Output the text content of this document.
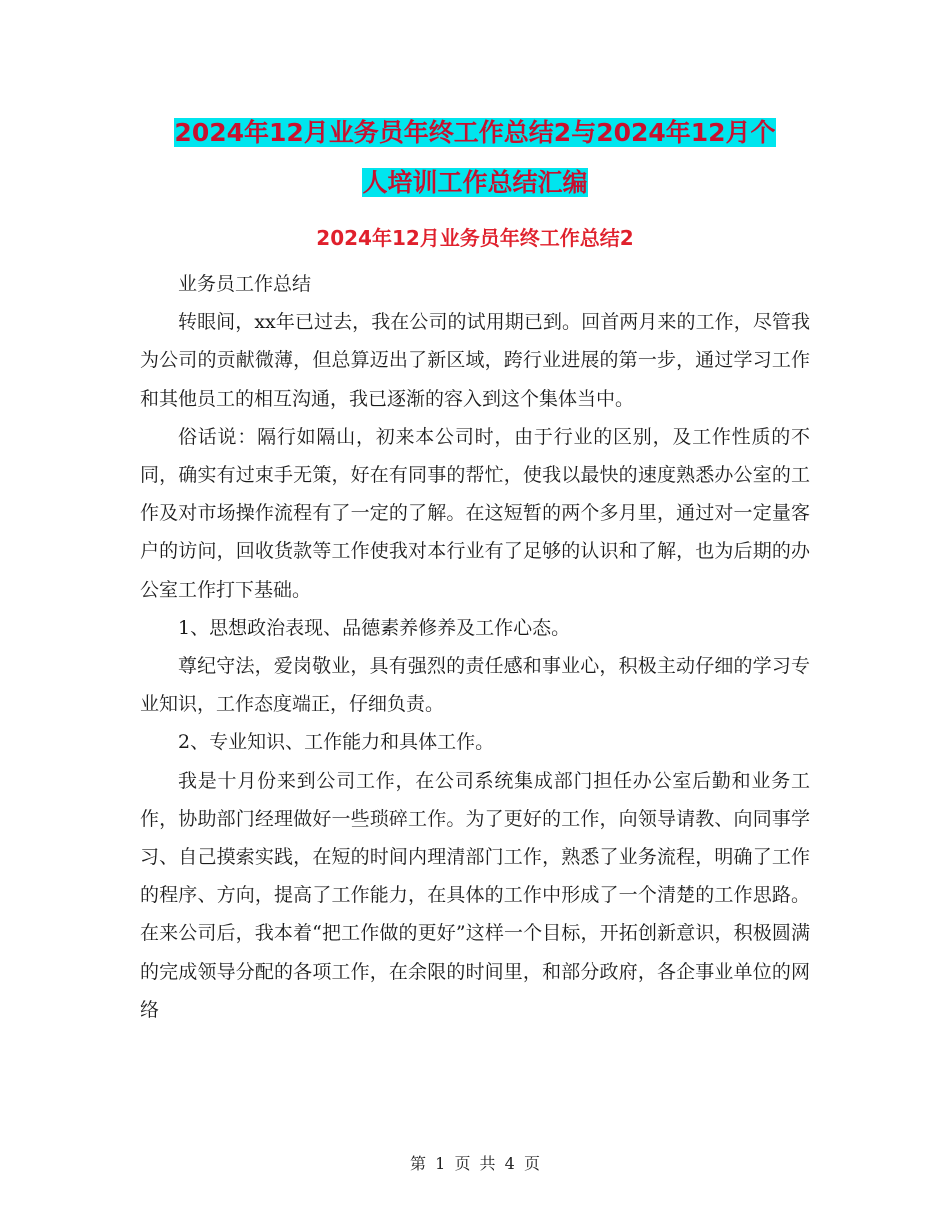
2024年12月业务员年终工作总结2与2024年12月个
人培训工作总结汇编
2024年12月业务员年终工作总结2

业务员工作总结

转眼间，xx年已过去，我在公司的试用期已到。回首两月来的工作，尽管我为公司的贡献微薄，但总算迈出了新区域，跨行业进展的第一步，通过学习工作和其他员工的相互沟通，我已逐渐的容入到这个集体当中。

俗话说：隔行如隔山，初来本公司时，由于行业的区别，及工作性质的不同，确实有过束手无策，好在有同事的帮忙，使我以最快的速度熟悉办公室的工作及对市场操作流程有了一定的了解。在这短暂的两个多月里，通过对一定量客户的访问，回收货款等工作使我对本行业有了足够的认识和了解，也为后期的办公室工作打下基础。

1、思想政治表现、品德素养修养及工作心态。

尊纪守法，爱岗敬业，具有强烈的责任感和事业心，积极主动仔细的学习专业知识，工作态度端正，仔细负责。

2、专业知识、工作能力和具体工作。

我是十月份来到公司工作，在公司系统集成部门担任办公室后勤和业务工作，协助部门经理做好一些琐碎工作。为了更好的工作，向领导请教、向同事学习、自己摸索实践，在短的时间内理清部门工作，熟悉了业务流程，明确了工作的程序、方向，提高了工作能力，在具体的工作中形成了一个清楚的工作思路。在来公司后，我本着“把工作做的更好”这样一个目标，开拓创新意识，积极圆满的完成领导分配的各项工作，在余限的时间里，和部分政府，各企事业单位的网络

第 1 页 共 4 页
